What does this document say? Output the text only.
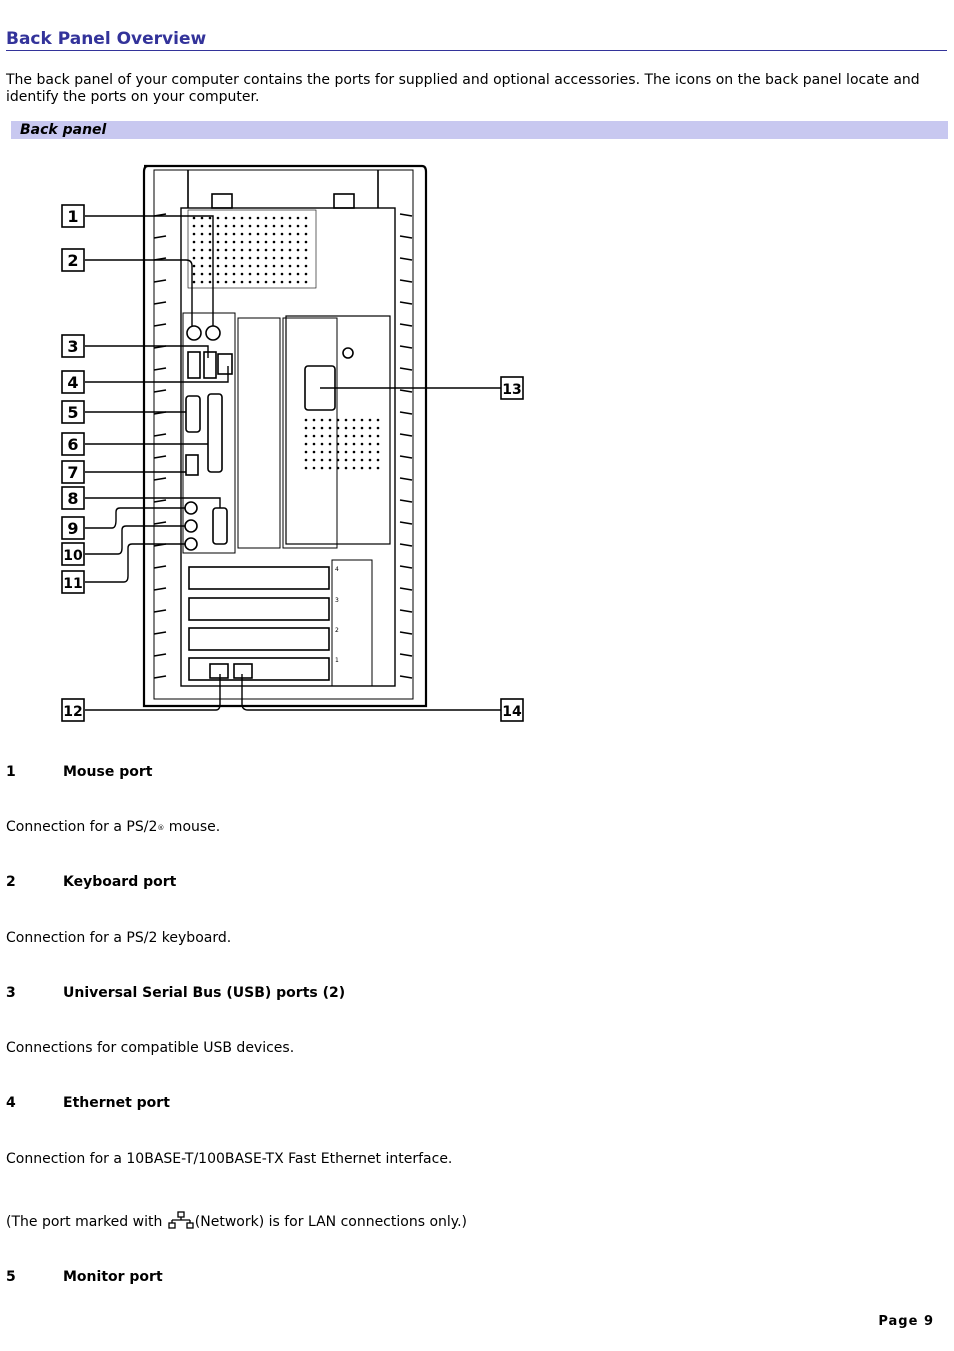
Back Panel Overview
The back panel of your computer contains the ports for supplied and optional accessories. The icons on the back panel locate and identify the ports on your computer.
Back panel
1
2
3
4
5
6
7
8
9
10
11
12
13
14
4
3
2
1
1	Mouse port
Connection for a PS/2® mouse.
2	Keyboard port
Connection for a PS/2 keyboard.
3	Universal Serial Bus (USB) ports (2)
Connections for compatible USB devices.
4	Ethernet port
Connection for a 10BASE-T/100BASE-TX Fast Ethernet interface.
(The port marked with (Network) is for LAN connections only.)
5	Monitor port
Page 9
